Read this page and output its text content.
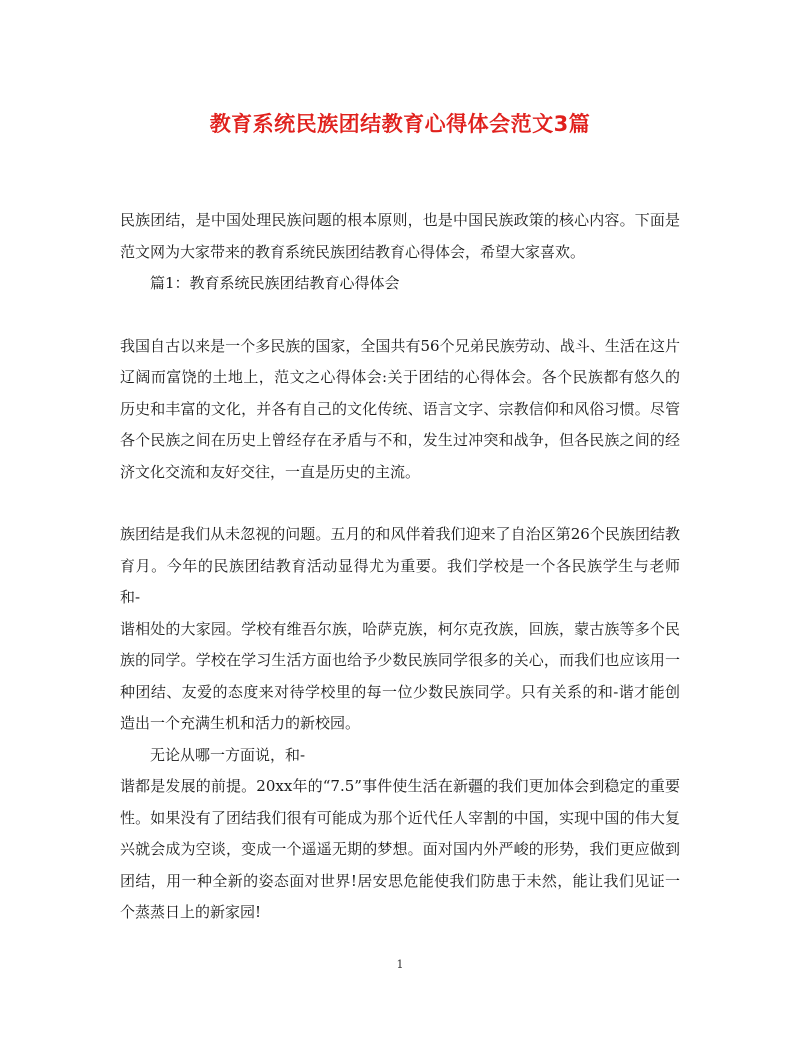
教育系统民族团结教育心得体会范文3篇

民族团结，是中国处理民族问题的根本原则，也是中国民族政策的核心内容。下面是范文网为大家带来的教育系统民族团结教育心得体会，希望大家喜欢。

篇1：教育系统民族团结教育心得体会

我国自古以来是一个多民族的国家，全国共有56个兄弟民族劳动、战斗、生活在这片辽阔而富饶的土地上，范文之心得体会:关于团结的心得体会。各个民族都有悠久的历史和丰富的文化，并各有自己的文化传统、语言文字、宗教信仰和风俗习惯。尽管各个民族之间在历史上曾经存在矛盾与不和，发生过冲突和战争，但各民族之间的经济文化交流和友好交往，一直是历史的主流。

族团结是我们从未忽视的问题。五月的和风伴着我们迎来了自治区第26个民族团结教育月。今年的民族团结教育活动显得尤为重要。我们学校是一个各民族学生与老师和-

谐相处的大家园。学校有维吾尔族，哈萨克族，柯尔克孜族，回族，蒙古族等多个民族的同学。学校在学习生活方面也给予少数民族同学很多的关心，而我们也应该用一种团结、友爱的态度来对待学校里的每一位少数民族同学。只有关系的和-谐才能创造出一个充满生机和活力的新校园。

无论从哪一方面说，和-

谐都是发展的前提。20xx年的“7.5”事件使生活在新疆的我们更加体会到稳定的重要性。如果没有了团结我们很有可能成为那个近代任人宰割的中国，实现中国的伟大复兴就会成为空谈，变成一个遥遥无期的梦想。面对国内外严峻的形势，我们更应做到团结，用一种全新的姿态面对世界!居安思危能使我们防患于未然，能让我们见证一个蒸蒸日上的新家园!

1
